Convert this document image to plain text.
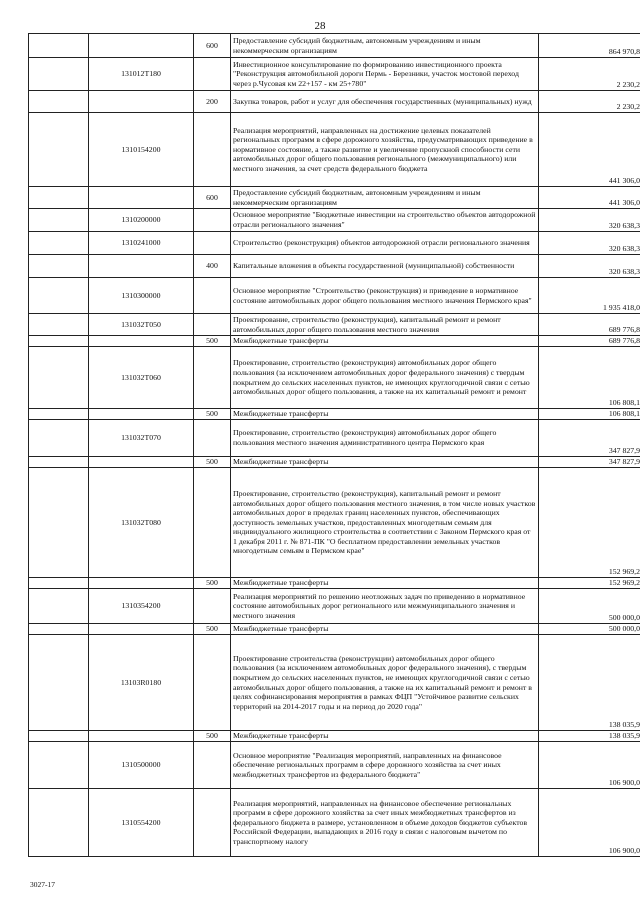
28
		600	Предоставление субсидий бюджетным, автономным учреждениям и иным некоммерческим организациям	864 970,8
	131012Т180		Инвестиционное консультирование по формированию инвестиционного проекта "Реконструкция автомобильной дороги Пермь - Березники, участок мостовой переход через р.Чусовая км 22+157 - км 25+780"	2 230,2
		200	Закупка товаров, работ и услуг для обеспечения государственных (муниципальных) нужд	2 230,2
	1310154200		Реализация мероприятий, направленных на достижение целевых показателей региональных программ в сфере дорожного хозяйства, предусматривающих приведение в нормативное состояние, а также развитие и увеличение пропускной способности сети автомобильных дорог общего пользования регионального (межмуниципального) или местного значения, за счет средств федерального бюджета	441 306,0
		600	Предоставление субсидий бюджетным, автономным учреждениям и иным некоммерческим организациям	441 306,0
	1310200000		Основное мероприятие "Бюджетные инвестиции на строительство объектов автодорожной отрасли регионального значения"	320 638,3
	1310241000		Строительство (реконструкция) объектов автодорожной отрасли регионального значения	320 638,3
		400	Капитальные вложения в объекты государственной (муниципальной) собственности	320 638,3
	1310300000		Основное мероприятие "Строительство (реконструкция) и приведение в нормативное состояние автомобильных дорог общего пользования местного значения Пермского края"	1 935 418,0
	131032Т050		Проектирование, строительство (реконструкция), капитальный ремонт и ремонт автомобильных дорог общего пользования местного значения	689 776,8
		500	Межбюджетные трансферты	689 776,8
	131032Т060		Проектирование, строительство (реконструкция) автомобильных дорог общего пользования (за исключением автомобильных дорог федерального значения) с твердым покрытием до сельских населенных пунктов, не имеющих круглогодичной связи с сетью автомобильных дорог общего пользования, а также на их капитальный ремонт и ремонт	106 808,1
		500	Межбюджетные трансферты	106 808,1
	131032Т070		Проектирование, строительство (реконструкция) автомобильных дорог общего пользования местного значения административного центра Пермского края	347 827,9
		500	Межбюджетные трансферты	347 827,9
	131032Т080		Проектирование, строительство (реконструкция), капитальный ремонт и ремонт автомобильных дорог общего пользования местного значения, в том числе новых участков автомобильных дорог в пределах границ населенных пунктов, обеспечивающих доступность земельных участков, предоставленных многодетным семьям для индивидуального жилищного строительства в соответствии с Законом Пермского края от 1 декабря 2011 г. № 871-ПК "О бесплатном предоставлении земельных участков многодетным семьям в Пермском крае"	152 969,2
		500	Межбюджетные трансферты	152 969,2
	1310354200		Реализация мероприятий по решению неотложных задач по приведению в нормативное состояние автомобильных дорог регионального или межмуниципального значения и местного значения	500 000,0
		500	Межбюджетные трансферты	500 000,0
	13103R0180		Проектирование строительства (реконструкции) автомобильных дорог общего пользования (за исключением автомобильных дорог федерального значения), с твердым покрытием до сельских населенных пунктов, не имеющих круглогодичной связи с сетью автомобильных дорог общего пользования, а также на их капитальный ремонт и ремонт в целях софинансирования мероприятия в рамках ФЦП "Устойчивое развитие сельских территорий на 2014-2017 годы и на период до 2020 года"	138 035,9
		500	Межбюджетные трансферты	138 035,9
	1310500000		Основное мероприятие "Реализация мероприятий, направленных на финансовое обеспечение региональных программ в сфере дорожного хозяйства за счет иных межбюджетных трансфертов из федерального бюджета"	106 900,0
	1310554200		Реализация мероприятий, направленных на финансовое обеспечение региональных программ в сфере дорожного хозяйства за счет иных межбюджетных трансфертов из федерального бюджета в размере, установленном в объеме доходов бюджетов субъектов Российской Федерации, выпадающих в 2016 году в связи с налоговым вычетом по транспортному налогу	106 900,0
3027-17
